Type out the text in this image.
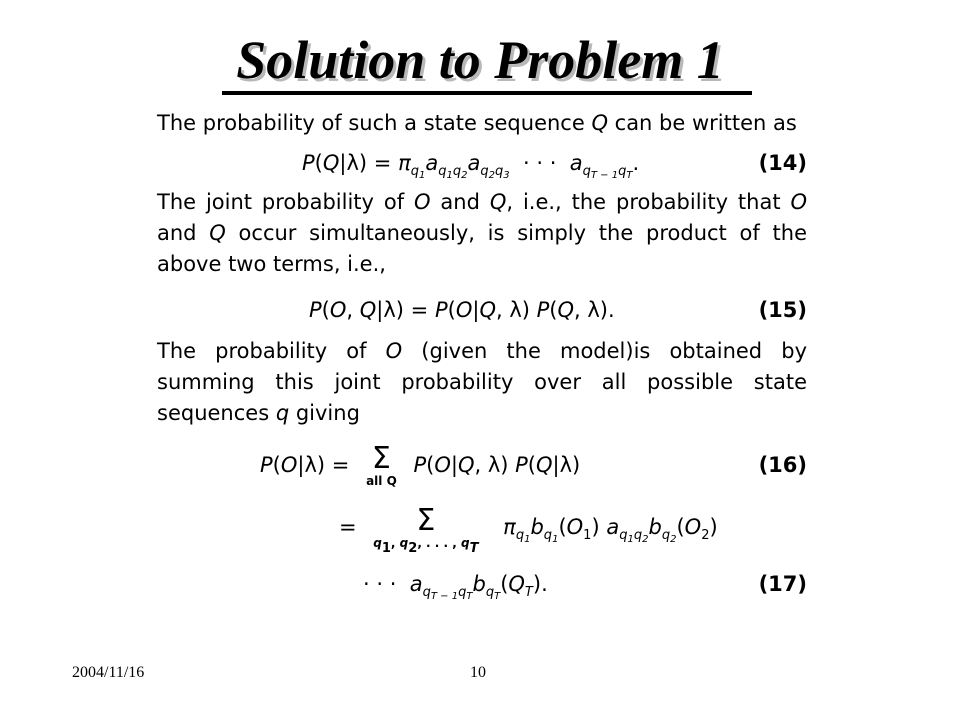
Solution to Problem 1

The probability of such a state sequence Q can be written as

$P(Q|\lambda) = \pi_{q_1}a_{q_1q_2}a_{q_2q_3}$  · · ·  $a_{q_{T - 1}q_T}$.	(14)

The joint probability of O and Q, i.e., the probability that O and Q occur simultaneously, is simply the product of the above two terms, i.e.,

P(O, Q|λ) = P(O|Q, λ) P(Q, λ).	(15)

The probability of O (given the model)is obtained by summing this joint probability over all possible state sequences q giving

P(O|λ) = Σ
all Q
P(O|Q, λ) P(Q|λ)	(16)
=	Σ
$q_1$, $q_2$, . . . , $q_T$
$\pi_{q_1}b_{q_1}(O_1)$ $a_{q_1q_2}b_{q_2}(O_2)$
· · ·  $a_{q_{T - 1}q_T}b_{q_T}(Q_T)$.	(17)
2004/11/16	10
